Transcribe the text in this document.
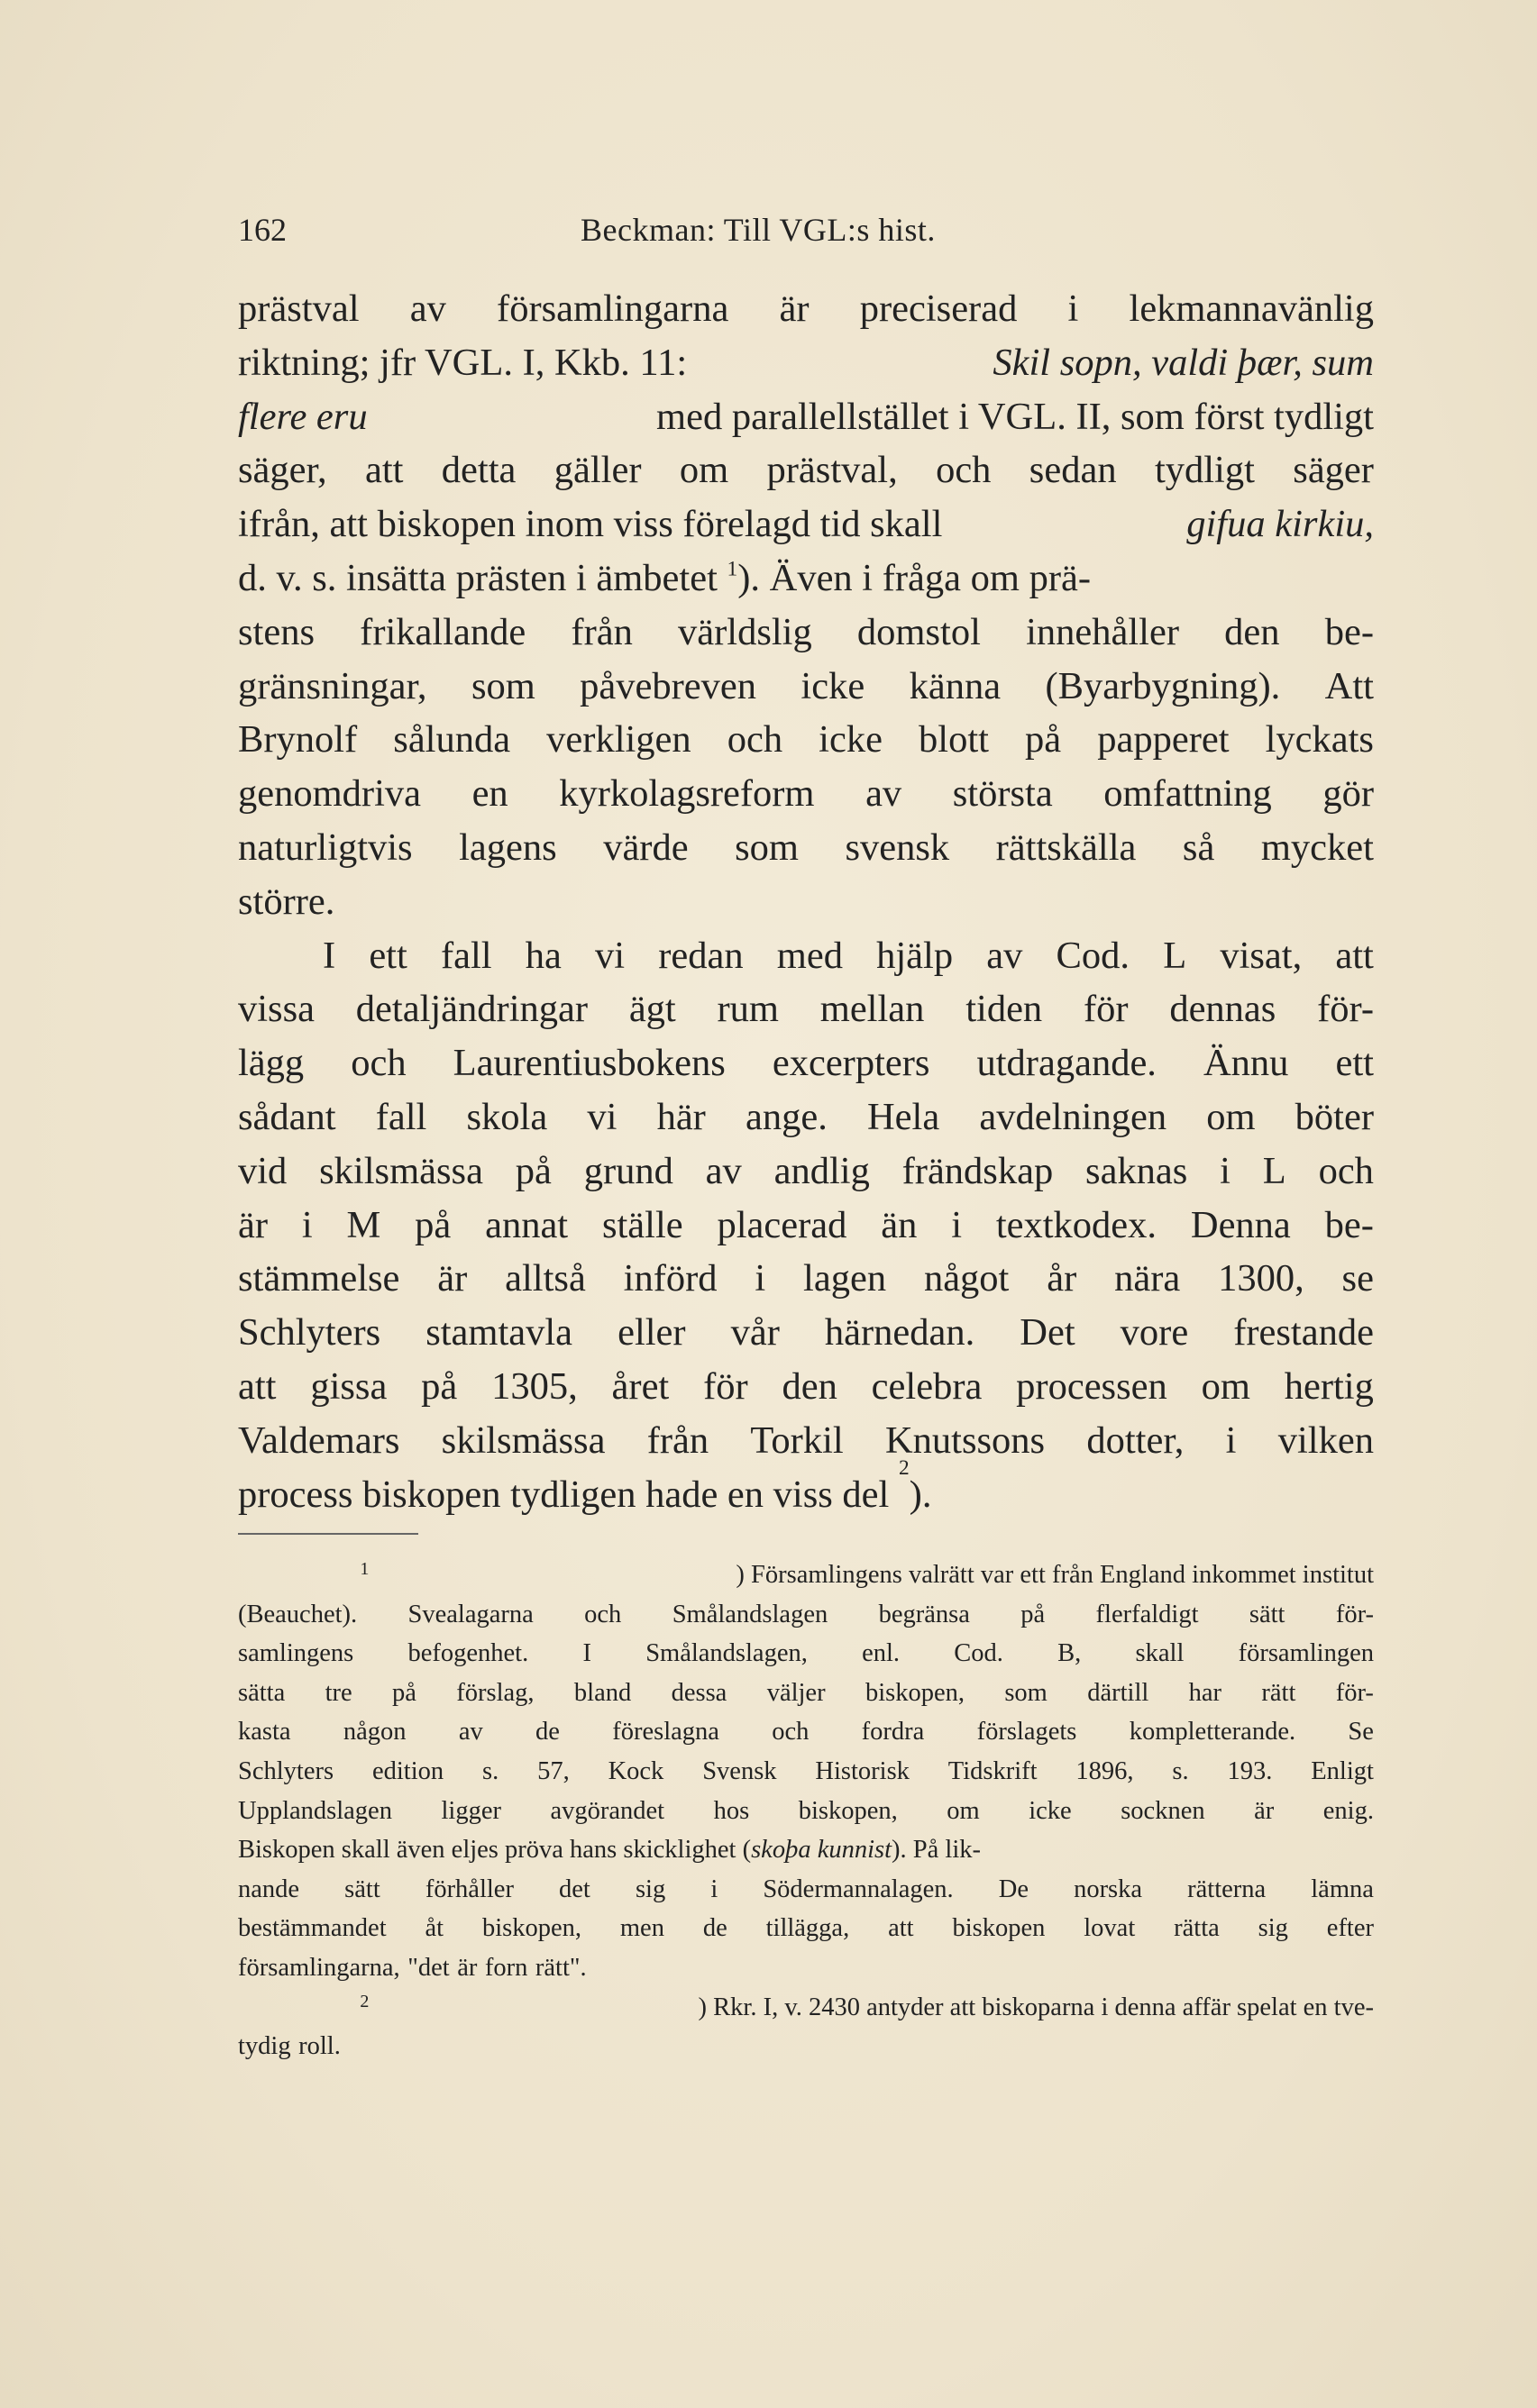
162	Beckman: Till VGL:s hist.
prästval av församlingarna är preciserad i lekmannavänlig
riktning; jfr VGL. I, Kkb. 11:	Skil sopn, valdi þær, sum
flere eru	med parallellstället i VGL. II, som först tydligt
säger, att detta gäller om prästval, och sedan tydligt säger
ifrån, att biskopen inom viss förelagd tid skall	gifua kirkiu,
d. v. s. insätta prästen i ämbetet $^1$). Även i fråga om prä-
stens frikallande från världslig domstol innehåller den be-
gränsningar, som påvebreven icke känna (Byarbygning). Att
Brynolf sålunda verkligen och icke blott på papperet lyckats
genomdriva en kyrkolagsreform av största omfattning gör
naturligtvis lagens värde som svensk rättskälla så mycket
större.
I ett fall ha vi redan med hjälp av Cod. L visat, att
vissa detaljändringar ägt rum mellan tiden för dennas för-
lägg och Laurentiusbokens excerpters utdragande. Ännu ett
sådant fall skola vi här ange. Hela avdelningen om böter
vid skilsmässa på grund av andlig frändskap saknas i L och
är i M på annat ställe placerad än i textkodex. Denna be-
stämmelse är alltså införd i lagen något år nära 1300, se
Schlyters stamtavla eller vår härnedan. Det vore frestande
att gissa på 1305, året för den celebra processen om hertig
Valdemars skilsmässa från Torkil Knutssons dotter, i vilken
process biskopen tydligen hade en viss del

2
).
$^1$	) Församlingens valrätt var ett från England inkommet institut
(Beauchet). Svealagarna och Smålandslagen begränsa på flerfaldigt sätt för-
samlingens befogenhet. I Smålandslagen, enl. Cod. B, skall församlingen
sätta tre på förslag, bland dessa väljer biskopen, som därtill har rätt för-
kasta någon av de föreslagna och fordra förslagets kompletterande. Se
Schlyters edition s. 57, Kock Svensk Historisk Tidskrift 1896, s. 193. Enligt
Upplandslagen ligger avgörandet hos biskopen, om icke socknen är enig.
Biskopen skall även eljes pröva hans skicklighet (skoþa kunnist). På lik-
nande sätt förhåller det sig i Södermannalagen. De norska rätterna lämna
bestämmandet åt biskopen, men de tillägga, att biskopen lovat rätta sig efter
församlingarna, "det är forn rätt".
$^2$	) Rkr. I, v. 2430 antyder att biskoparna i denna affär spelat en tve-
tydig roll.
